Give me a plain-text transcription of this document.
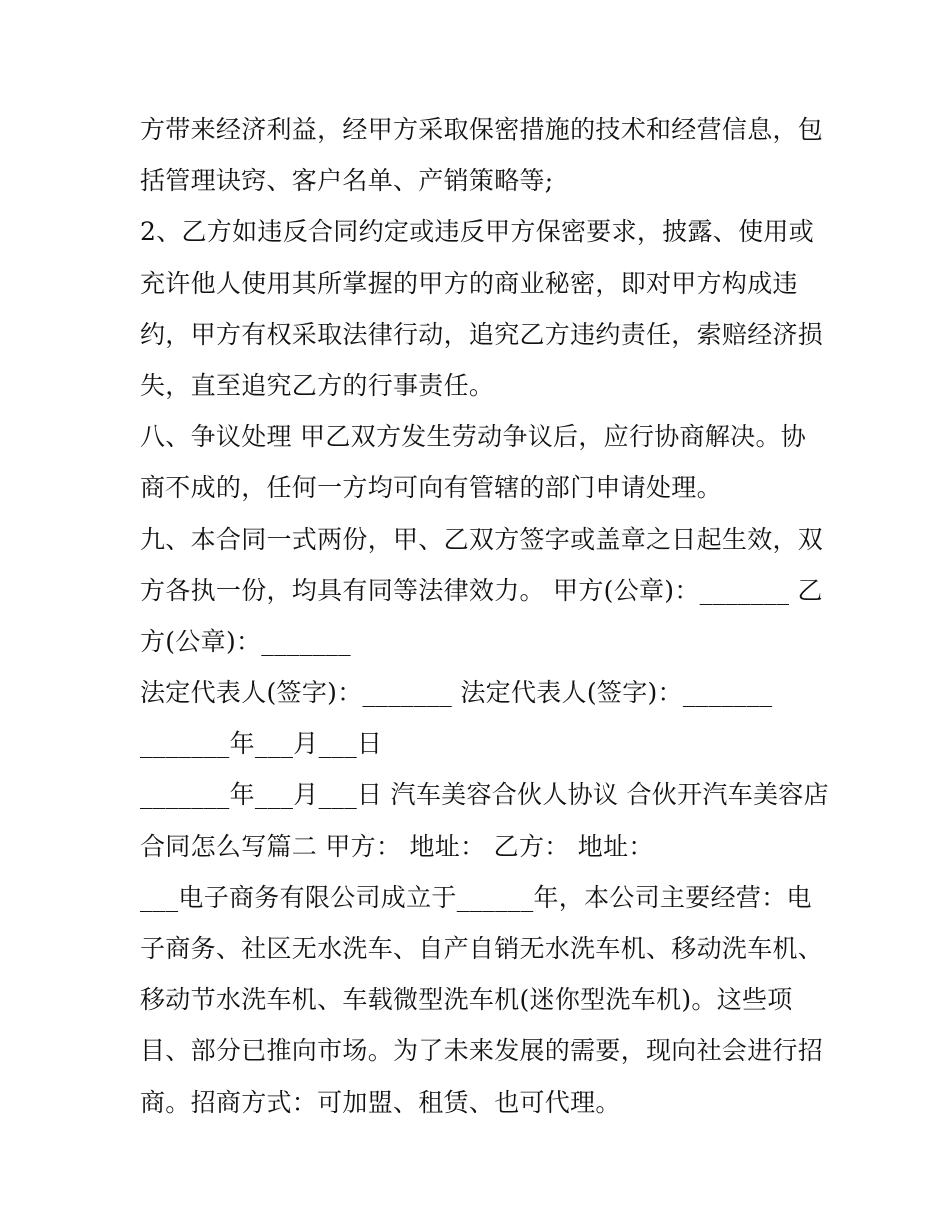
方带来经济利益，经甲方采取保密措施的技术和经营信息，包
括管理诀窍、客户名单、产销策略等;
2、乙方如违反合同约定或违反甲方保密要求，披露、使用或
充许他人使用其所掌握的甲方的商业秘密，即对甲方构成违
约，甲方有权采取法律行动，追究乙方违约责任，索赔经济损
失，直至追究乙方的行事责任。
八、争议处理 甲乙双方发生劳动争议后，应行协商解决。协
商不成的，任何一方均可向有管辖的部门申请处理。
九、本合同一式两份，甲、乙双方签字或盖章之日起生效，双
方各执一份，均具有同等法律效力。 甲方(公章)：_______ 乙
方(公章)：_______
法定代表人(签字)：_______ 法定代表人(签字)：_______
_______年___月___日
_______年___月___日 汽车美容合伙人协议 合伙开汽车美容店
合同怎么写篇二 甲方： 地址： 乙方： 地址：
___电子商务有限公司成立于______年，本公司主要经营：电
子商务、社区无水洗车、自产自销无水洗车机、移动洗车机、
移动节水洗车机、车载微型洗车机(迷你型洗车机)。这些项
目、部分已推向市场。为了未来发展的需要，现向社会进行招
商。招商方式：可加盟、租赁、也可代理。
